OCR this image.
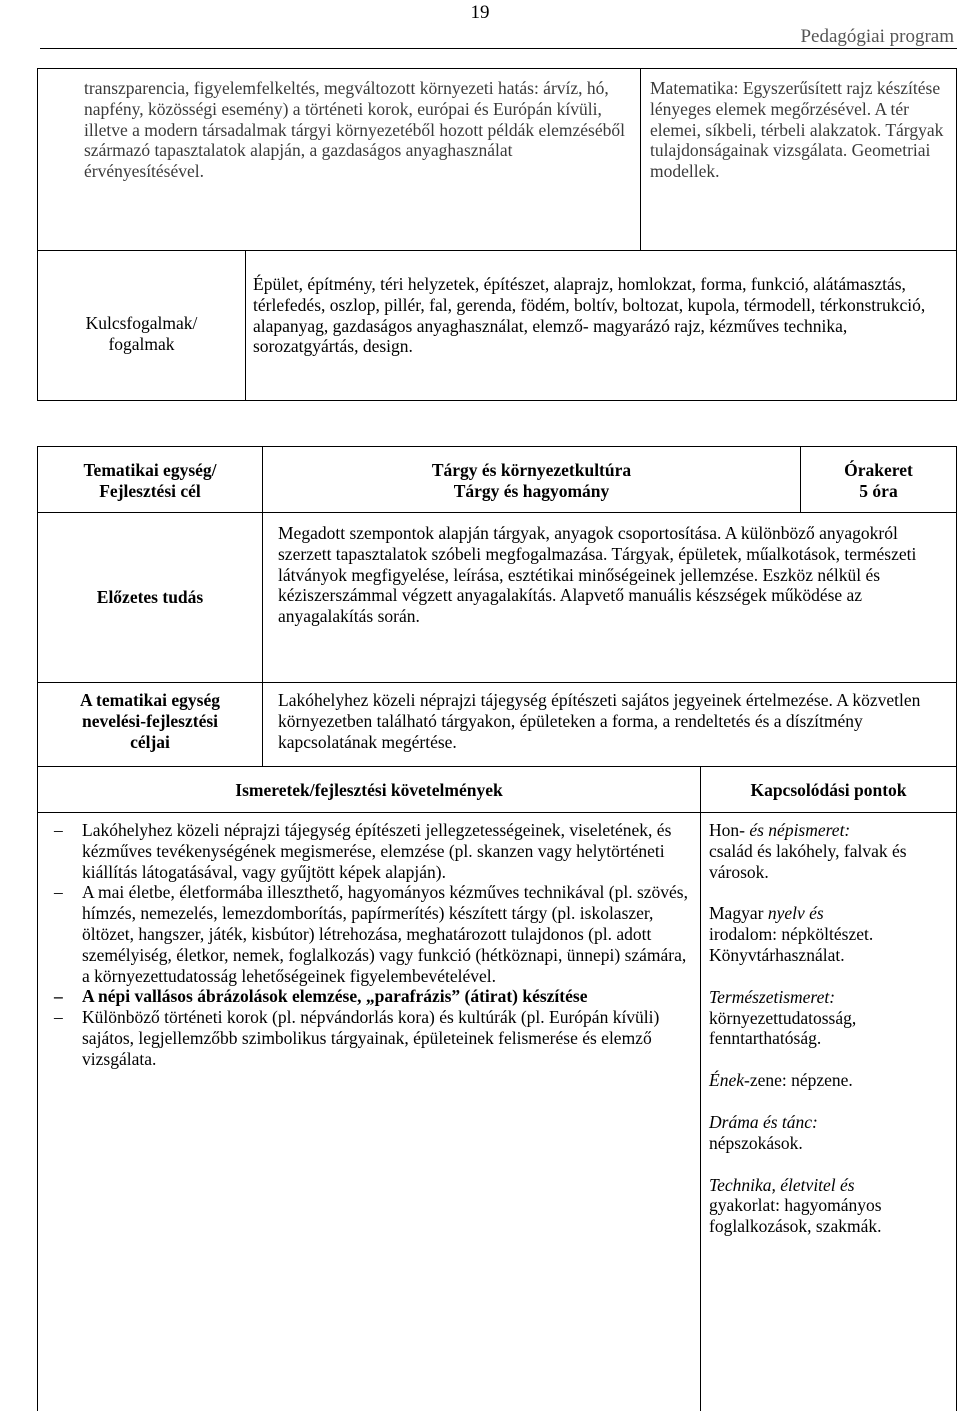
19
Pedagógiai program
transzparencia, figyelemfelkeltés, megváltozott környezeti hatás: árvíz, hó, napfény, közösségi esemény) a történeti korok, európai és Európán kívüli, illetve a modern társadalmak tárgyi környezetéből hozott példák elemzéséből származó tapasztalatok alapján, a gazdaságos anyaghasználat érvényesítésével.
Matematika: Egyszerűsített rajz készítése lényeges elemek megőrzésével. A tér elemei, síkbeli, térbeli alakzatok. Tárgyak tulajdonságainak vizsgálata. Geometriai modellek.
Kulcsfogalmak/
fogalmak
Épület, építmény, téri helyzetek, építészet, alaprajz, homlokzat, forma, funkció, alátámasztás, térlefedés, oszlop, pillér, fal, gerenda, födém, boltív, boltozat, kupola, térmodell, térkonstrukció, alapanyag, gazdaságos anyaghasználat, elemző- magyarázó rajz, kézműves technika, sorozatgyártás, design.
Tematikai egység/
Fejlesztési cél
Tárgy és környezetkultúra
Tárgy és hagyomány
Órakeret
5 óra
Előzetes tudás
Megadott szempontok alapján tárgyak, anyagok csoportosítása. A különböző anyagokról szerzett tapasztalatok szóbeli megfogalmazása. Tárgyak, épületek, műalkotások, természeti látványok megfigyelése, leírása, esztétikai minőségeinek jellemzése. Eszköz nélkül és kéziszerszámmal végzett anyagalakítás. Alapvető manuális készségek működése az anyagalakítás során.
A tematikai egység
nevelési-fejlesztési
céljai
Lakóhelyhez közeli néprajzi tájegység építészeti sajátos jegyeinek értelmezése. A közvetlen környezetben található tárgyakon, épületeken a forma, a rendeltetés és a díszítmény kapcsolatának megértése.
Ismeretek/fejlesztési követelmények	Kapcsolódási pontok
– Lakóhelyhez közeli néprajzi tájegység építészeti jellegzetességeinek, viseletének, és kézműves tevékenységének megismerése, elemzése (pl. skanzen vagy helytörténeti kiállítás látogatásával, vagy gyűjtött képek alapján).
– A mai életbe, életformába illeszthető, hagyományos kézműves technikával (pl. szövés, hímzés, nemezelés, lemezdomborítás, papírmerítés) készített tárgy (pl. iskolaszer, öltözet, hangszer, játék, kisbútor) létrehozása, meghatározott tulajdonos (pl. adott személyiség, életkor, nemek, foglalkozás) vagy funkció (hétköznapi, ünnepi) számára, a környezettudatosság lehetőségeinek figyelembevételével.
– A népi vallásos ábrázolások elemzése, „parafrázis” (átirat) készítése
– Különböző történeti korok (pl. népvándorlás kora) és kultúrák (pl. Európán kívüli) sajátos, legjellemzőbb szimbolikus tárgyainak, épületeinek felismerése és elemző vizsgálata.

Hon- és népismeret:
család és lakóhely, falvak és városok.

Magyar nyelv és
irodalom: népköltészet. Könyvtárhasználat.

Természetismeret:
környezettudatosság, fenntarthatóság.

Ének-zene: népzene.

Dráma és tánc:
népszokások.

Technika, életvitel és
gyakorlat: hagyományos foglalkozások, szakmák.
